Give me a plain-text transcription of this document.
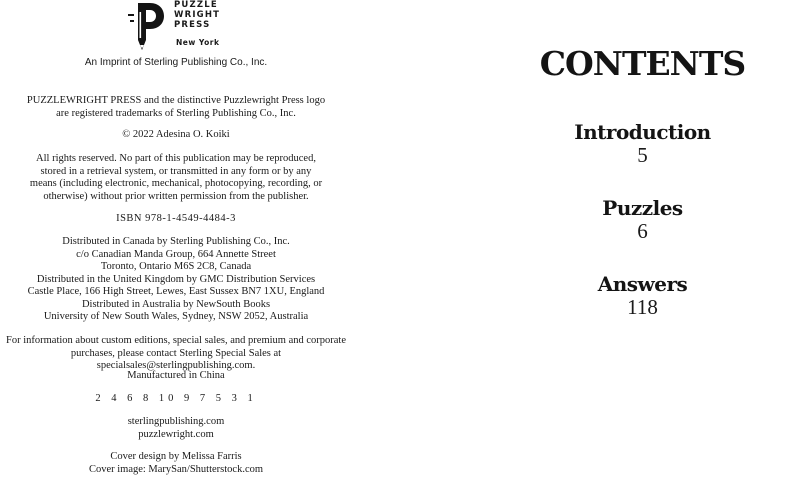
PUZZLE
WRIGHT
PRESS
New York
An Imprint of Sterling Publishing Co., Inc.
PUZZLEWRIGHT PRESS and the distinctive Puzzlewright Press logo
are registered trademarks of Sterling Publishing Co., Inc.
© 2022 Adesina O. Koiki
All rights reserved. No part of this publication may be reproduced,
stored in a retrieval system, or transmitted in any form or by any
means (including electronic, mechanical, photocopying, recording, or
otherwise) without prior written permission from the publisher.
ISBN 978-1-4549-4484-3
Distributed in Canada by Sterling Publishing Co., Inc.
c/o Canadian Manda Group, 664 Annette Street
Toronto, Ontario M6S 2C8, Canada
Distributed in the United Kingdom by GMC Distribution Services
Castle Place, 166 High Street, Lewes, East Sussex BN7 1XU, England
Distributed in Australia by NewSouth Books
University of New South Wales, Sydney, NSW 2052, Australia
For information about custom editions, special sales, and premium and corporate
purchases, please contact Sterling Special Sales at specialsales@sterlingpublishing.com.
Manufactured in China
2 4 6 8 10 9 7 5 3 1
sterlingpublishing.com
puzzlewright.com
Cover design by Melissa Farris
Cover image: MarySan/Shutterstock.com
CONTENTS
Introduction
5
Puzzles
6
Answers
118
